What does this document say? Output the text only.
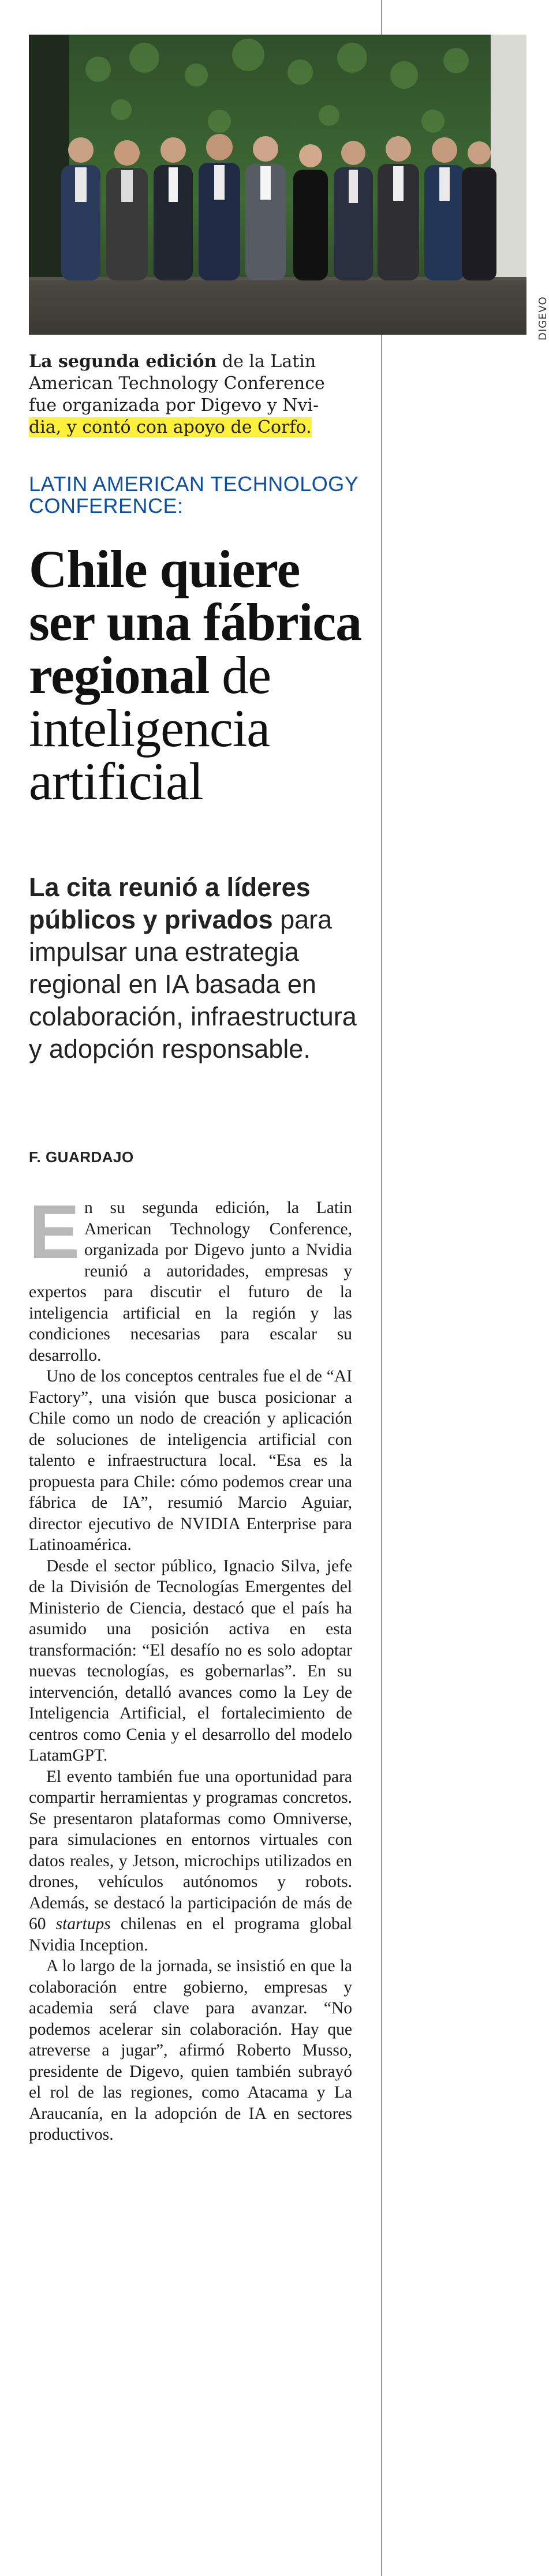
DIGEVO
La segunda edición de la Latin American Technology Conference fue organizada por Digevo y Nvi- dia, y contó con apoyo de Corfo.
LATIN AMERICAN TECHNOLOGY CONFERENCE:
Chile quiere ser una fábrica regional de inteligencia artificial
La cita reunió a líderes públicos y privados para impulsar una estrategia regional en IA basada en colaboración, infraestructura y adopción responsable.
F. GUARDAJO

En su segunda edición, la Latin American Technology Conference, organizada por Digevo junto a Nvidia reunió a autoridades, empresas y expertos para discutir el futuro de la inteligencia artificial en la región y las condiciones necesarias para escalar su desarrollo.

Uno de los conceptos centrales fue el de “AI Factory”, una visión que busca posicionar a Chile como un nodo de creación y aplicación de soluciones de inteligencia artificial con talento e infraestructura local. “Esa es la propuesta para Chile: cómo podemos crear una fábrica de IA”, resumió Marcio Aguiar, director ejecutivo de NVIDIA Enterprise para Latinoamérica.

Desde el sector público, Ignacio Silva, jefe de la División de Tecnologías Emergentes del Ministerio de Ciencia, destacó que el país ha asumido una posición activa en esta transformación: “El desafío no es solo adoptar nuevas tecnologías, es gobernarlas”. En su intervención, detalló avances como la Ley de Inteligencia Artificial, el fortalecimiento de centros como Cenia y el desarrollo del modelo LatamGPT.

El evento también fue una oportunidad para compartir herramientas y programas concretos. Se presentaron plataformas como Omniverse, para simulaciones en entornos virtuales con datos reales, y Jetson, microchips utilizados en drones, vehículos autónomos y robots. Además, se destacó la participación de más de 60 startups chilenas en el programa global Nvidia Inception.

A lo largo de la jornada, se insistió en que la colaboración entre gobierno, empresas y academia será clave para avanzar. “No podemos acelerar sin colaboración. Hay que atreverse a jugar”, afirmó Roberto Musso, presidente de Digevo, quien también subrayó el rol de las regiones, como Atacama y La Araucanía, en la adopción de IA en sectores productivos.
